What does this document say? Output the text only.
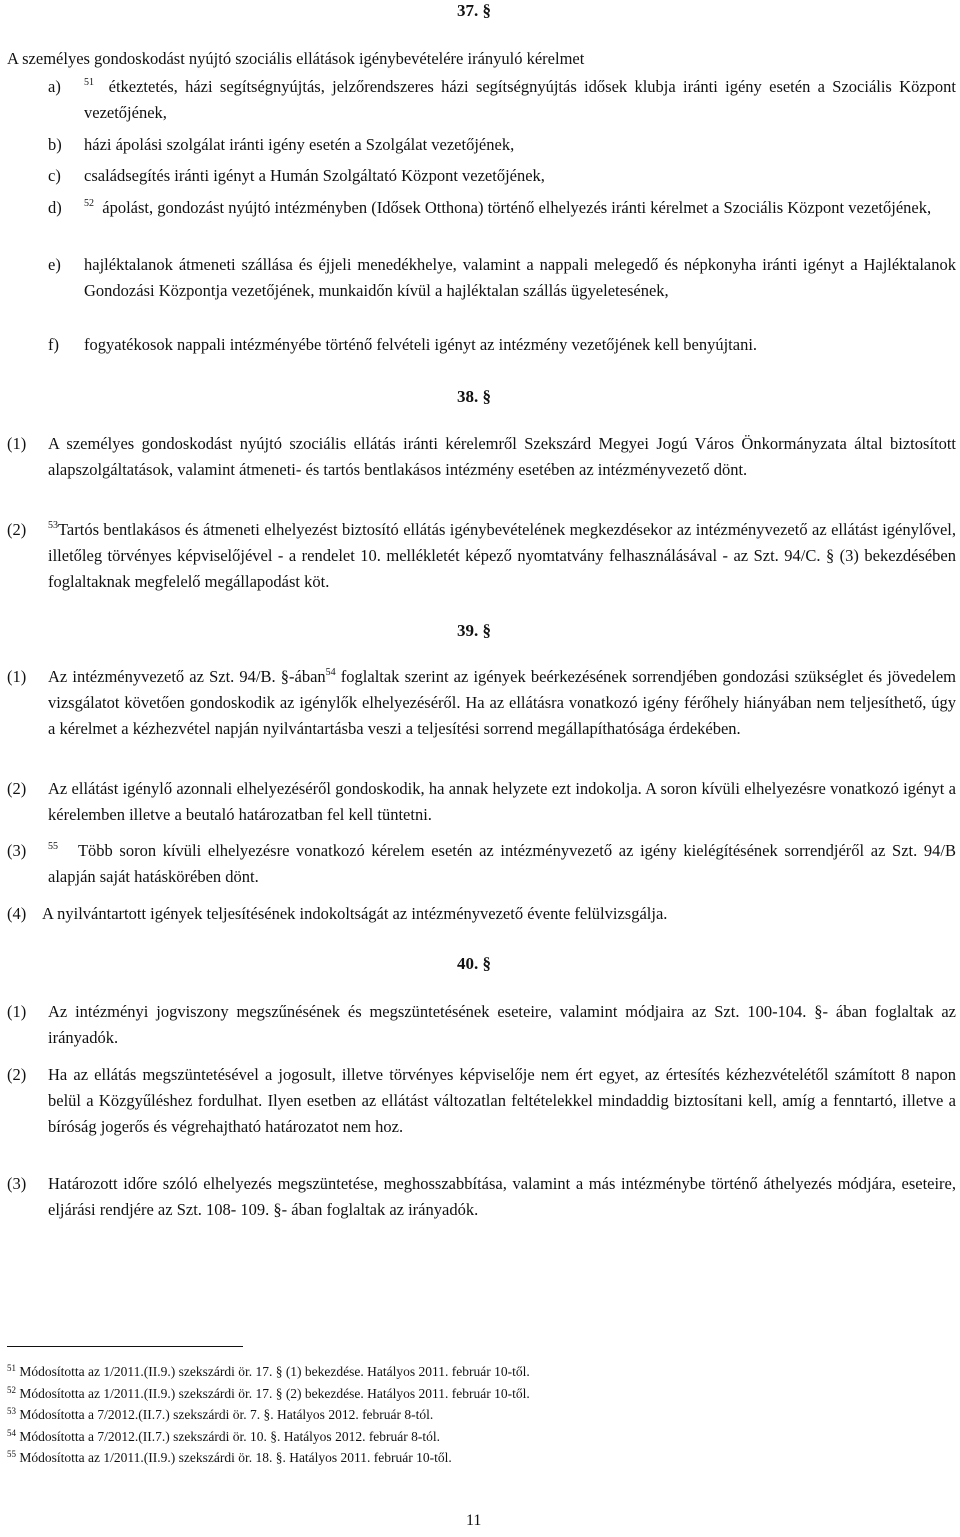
37. §
A személyes gondoskodást nyújtó szociális ellátások igénybevételére irányuló kérelmet
a) $^{51}$ étkeztetés, házi segítségnyújtás, jelzőrendszeres házi segítségnyújtás idősek klubja iránti igény esetén a Szociális Központ vezetőjének,
b) házi ápolási szolgálat iránti igény esetén a Szolgálat vezetőjének,
c) családsegítés iránti igényt a Humán Szolgáltató Központ vezetőjének,
d) $^{52}$ ápolást, gondozást nyújtó intézményben (Idősek Otthona) történő elhelyezés iránti kérelmet a Szociális Központ vezetőjének,
e) hajléktalanok átmeneti szállása és éjjeli menedékhelye, valamint a nappali melegedő és népkonyha iránti igényt a Hajléktalanok Gondozási Központja vezetőjének, munkaidőn kívül a hajléktalan szállás ügyeletesének,
f) fogyatékosok nappali intézményébe történő felvételi igényt az intézmény vezetőjének kell benyújtani.
38. §
(1) A személyes gondoskodást nyújtó szociális ellátás iránti kérelemről Szekszárd Megyei Jogú Város Önkormányzata által biztosított alapszolgáltatások, valamint átmeneti- és tartós bentlakásos intézmény esetében az intézményvezető dönt.
(2) $^{53}$Tartós bentlakásos és átmeneti elhelyezést biztosító ellátás igénybevételének megkezdésekor az intézményvezető az ellátást igénylővel, illetőleg törvényes képviselőjével - a rendelet 10. mellékletét képező nyomtatvány felhasználásával - az Szt. 94/C. § (3) bekezdésében foglaltaknak megfelelő megállapodást köt.
39. §
(1) Az intézményvezető az Szt. 94/B. §-ában$^{54}$ foglaltak szerint az igények beérkezésének sorrendjében gondozási szükséglet és jövedelem vizsgálatot követően gondoskodik az igénylők elhelyezéséről. Ha az ellátásra vonatkozó igény férőhely hiányában nem teljesíthető, úgy a kérelmet a kézhezvétel napján nyilvántartásba veszi a teljesítési sorrend megállapíthatósága érdekében.
(2) Az ellátást igénylő azonnali elhelyezéséről gondoskodik, ha annak helyzete ezt indokolja. A soron kívüli elhelyezésre vonatkozó igényt a kérelemben illetve a beutaló határozatban fel kell tüntetni.
(3) $^{55}$ Több soron kívüli elhelyezésre vonatkozó kérelem esetén az intézményvezető az igény kielégítésének sorrendjéről az Szt. 94/B alapján saját hatáskörében dönt.
(4) A nyilvántartott igények teljesítésének indokoltságát az intézményvezető évente felülvizsgálja.
40. §
(1) Az intézményi jogviszony megszűnésének és megszüntetésének eseteire, valamint módjaira az Szt. 100-104. §- ában foglaltak az irányadók.
(2) Ha az ellátás megszüntetésével a jogosult, illetve törvényes képviselője nem ért egyet, az értesítés kézhezvételétől számított 8 napon belül a Közgyűléshez fordulhat. Ilyen esetben az ellátást változatlan feltételekkel mindaddig biztosítani kell, amíg a fenntartó, illetve a bíróság jogerős és végrehajtható határozatot nem hoz.
(3) Határozott időre szóló elhelyezés megszüntetése, meghosszabbítása, valamint a más intézménybe történő áthelyezés módjára, eseteire, eljárási rendjére az Szt. 108- 109. §- ában foglaltak az irányadók.
$^{51}$ Módosította az 1/2011.(II.9.) szekszárdi ör. 17. § (1) bekezdése. Hatályos 2011. február 10-től.
$^{52}$ Módosította az 1/2011.(II.9.) szekszárdi ör. 17. § (2) bekezdése. Hatályos 2011. február 10-től.
$^{53}$ Módosította a 7/2012.(II.7.) szekszárdi ör. 7. §. Hatályos 2012. február 8-tól.
$^{54}$ Módosította a 7/2012.(II.7.) szekszárdi ör. 10. §. Hatályos 2012. február 8-tól.
$^{55}$ Módosította az 1/2011.(II.9.) szekszárdi ör. 18. §. Hatályos 2011. február 10-től.
11
